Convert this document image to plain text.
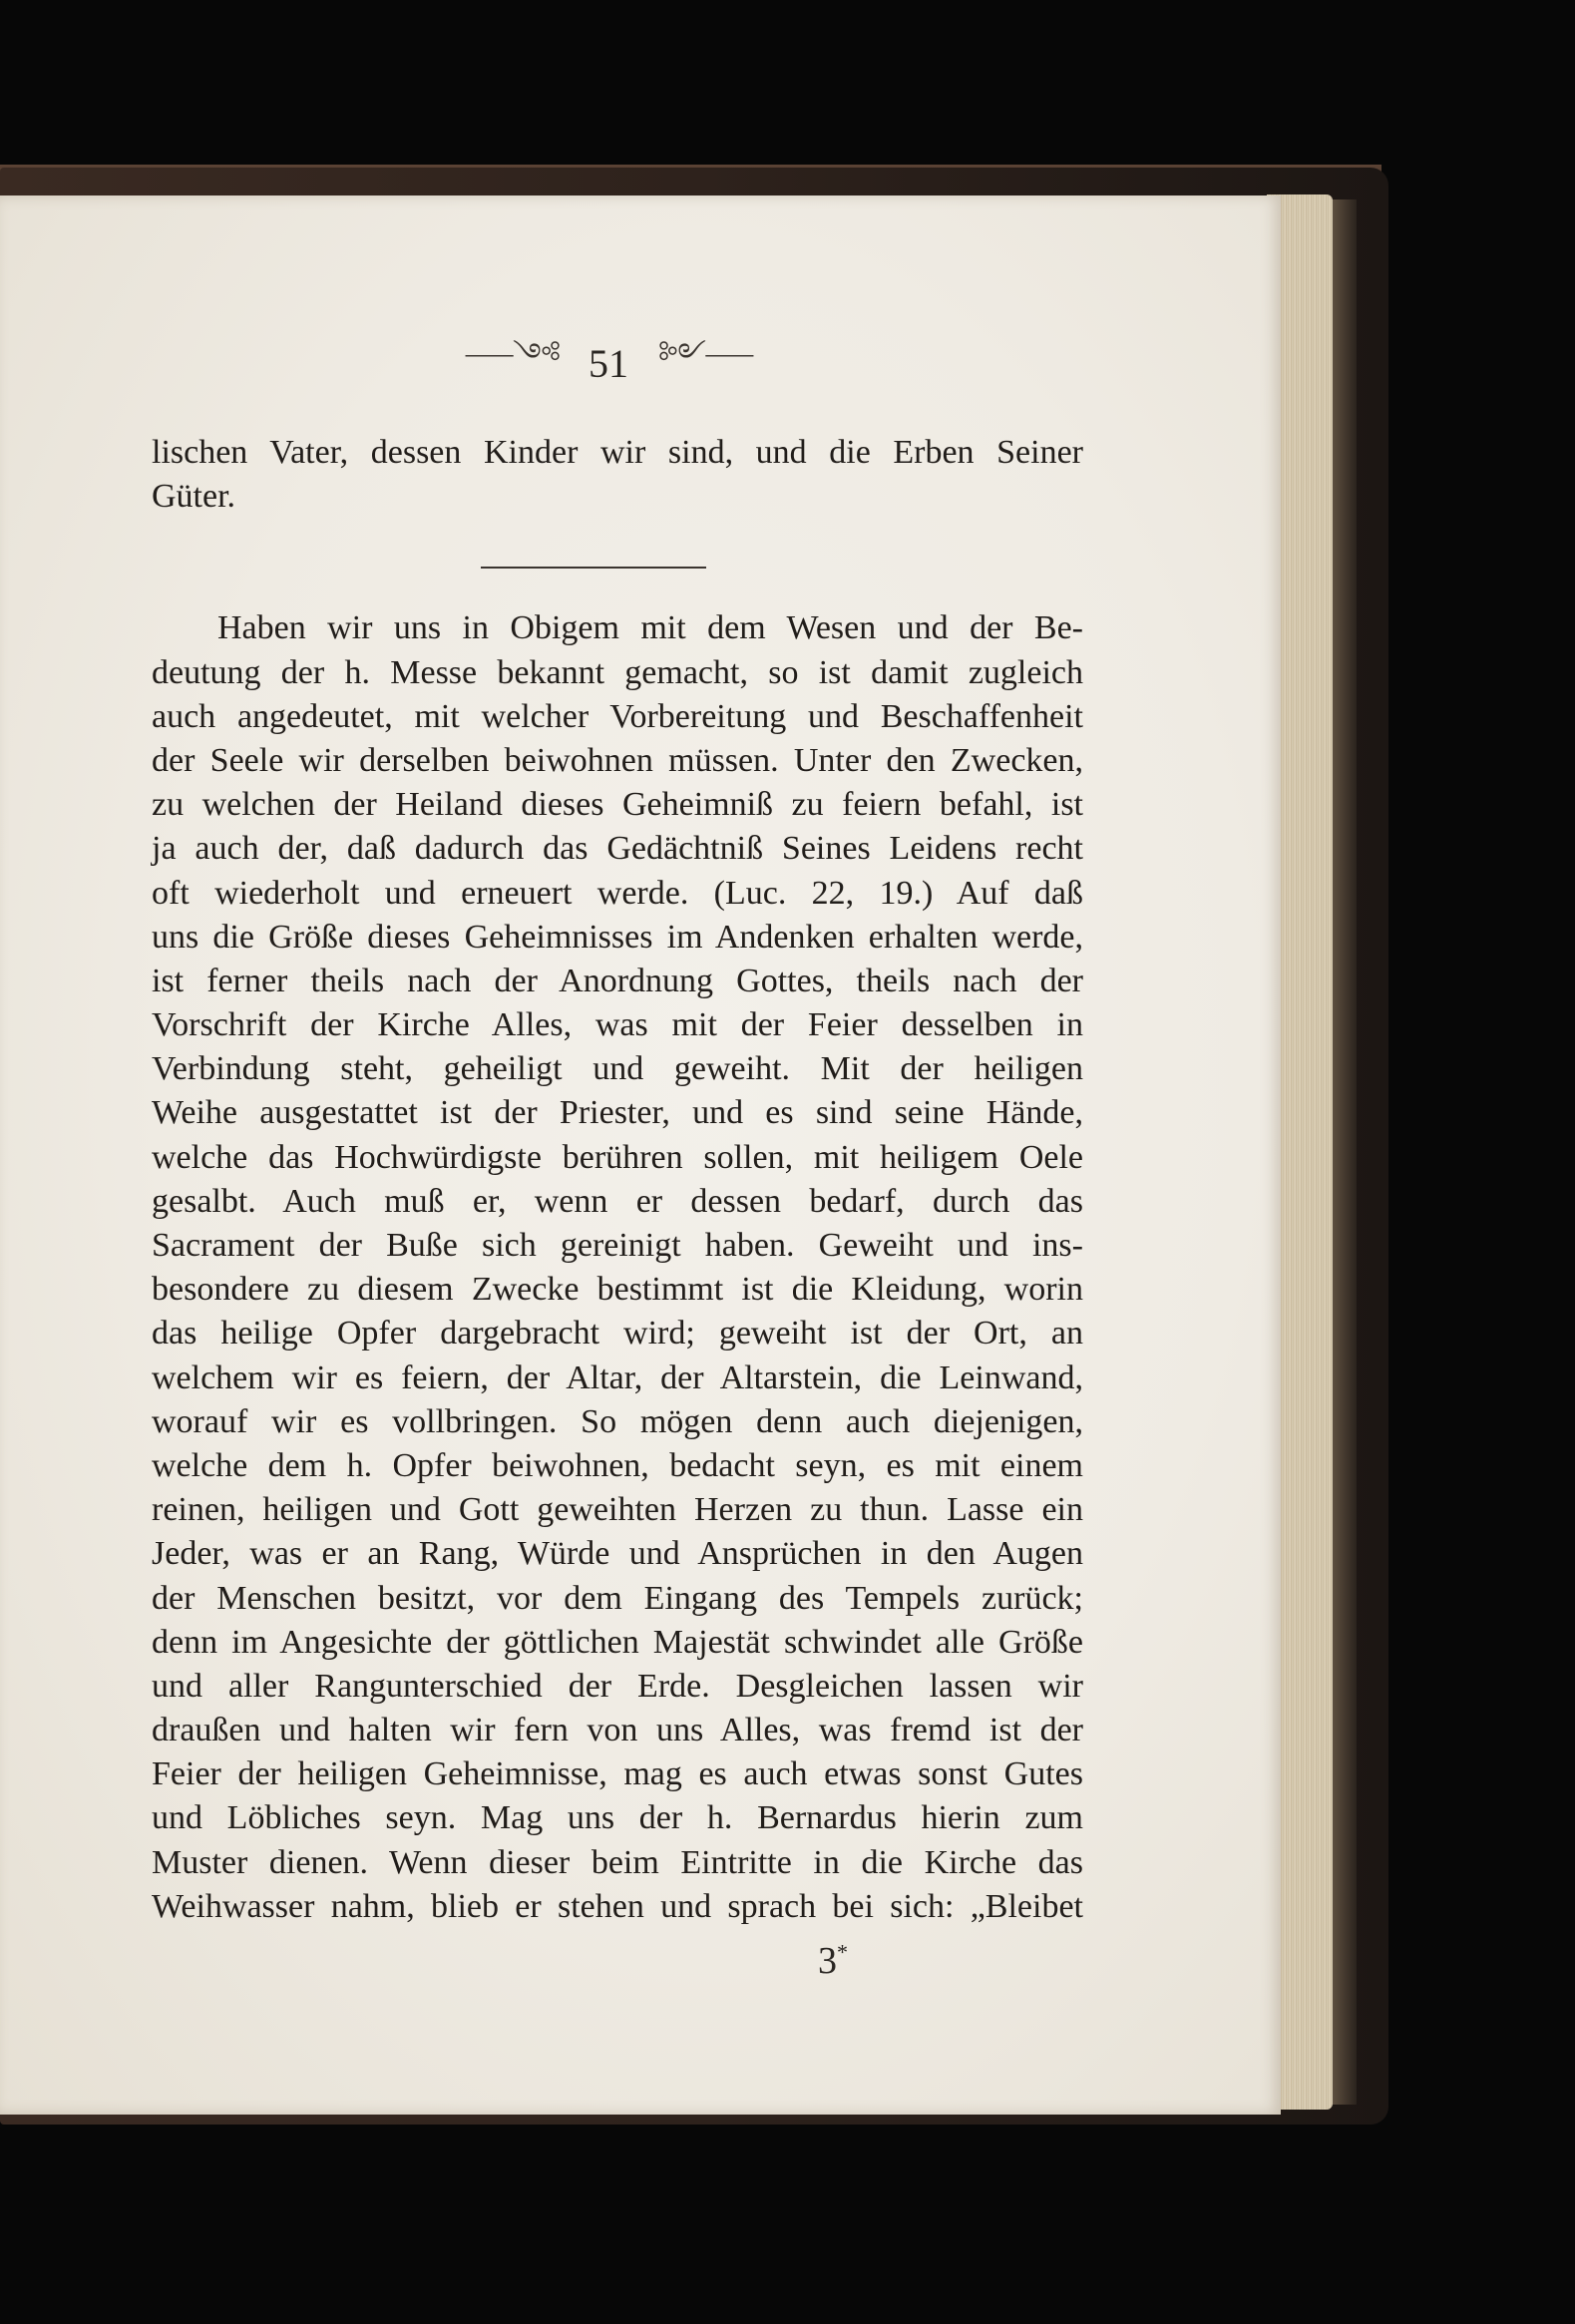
⸺༺ 51 ༻⸺
lischen Vater, dessen Kinder wir sind, und die Erben Seiner
Güter.
Haben wir uns in Obigem mit dem Wesen und der Be-
deutung der h. Messe bekannt gemacht, so ist damit zugleich
auch angedeutet, mit welcher Vorbereitung und Beschaffenheit
der Seele wir derselben beiwohnen müssen. Unter den Zwecken,
zu welchen der Heiland dieses Geheimniß zu feiern befahl, ist
ja auch der, daß dadurch das Gedächtniß Seines Leidens recht
oft wiederholt und erneuert werde. (Luc. 22, 19.) Auf daß
uns die Größe dieses Geheimnisses im Andenken erhalten werde,
ist ferner theils nach der Anordnung Gottes, theils nach der
Vorschrift der Kirche Alles, was mit der Feier desselben in
Verbindung steht, geheiligt und geweiht. Mit der heiligen
Weihe ausgestattet ist der Priester, und es sind seine Hände,
welche das Hochwürdigste berühren sollen, mit heiligem Oele
gesalbt. Auch muß er, wenn er dessen bedarf, durch das
Sacrament der Buße sich gereinigt haben. Geweiht und ins-
besondere zu diesem Zwecke bestimmt ist die Kleidung, worin
das heilige Opfer dargebracht wird; geweiht ist der Ort, an
welchem wir es feiern, der Altar, der Altarstein, die Leinwand,
worauf wir es vollbringen. So mögen denn auch diejenigen,
welche dem h. Opfer beiwohnen, bedacht seyn, es mit einem
reinen, heiligen und Gott geweihten Herzen zu thun. Lasse ein
Jeder, was er an Rang, Würde und Ansprüchen in den Augen
der Menschen besitzt, vor dem Eingang des Tempels zurück;
denn im Angesichte der göttlichen Majestät schwindet alle Größe
und aller Rangunterschied der Erde. Desgleichen lassen wir
draußen und halten wir fern von uns Alles, was fremd ist der
Feier der heiligen Geheimnisse, mag es auch etwas sonst Gutes
und Löbliches seyn. Mag uns der h. Bernardus hierin zum
Muster dienen. Wenn dieser beim Eintritte in die Kirche das
Weihwasser nahm, blieb er stehen und sprach bei sich: „Bleibet
3*
